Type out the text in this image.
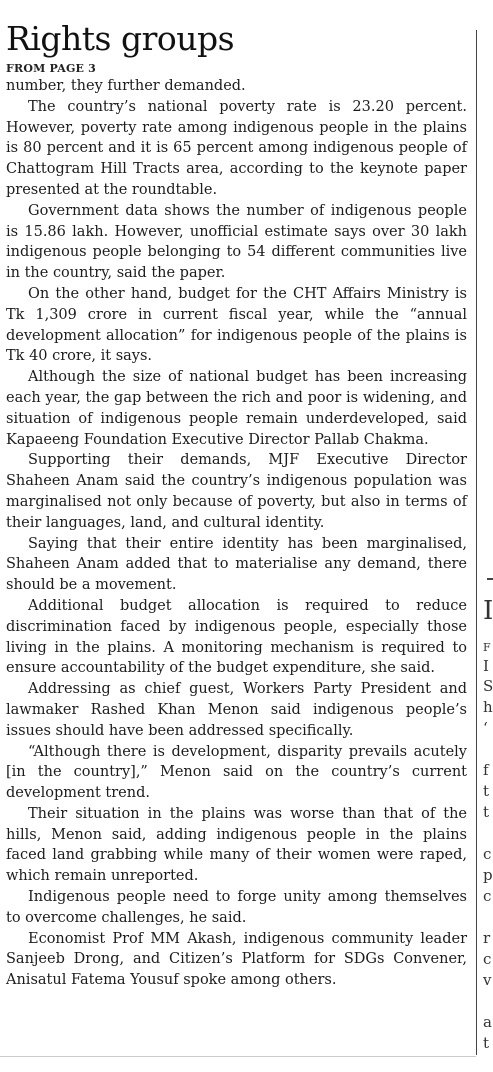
Rights groups

FROM PAGE 3

number, they further demanded.

The country’s national poverty rate is 23.20 percent. However, poverty rate among indigenous people in the plains is 80 percent and it is 65 percent among indigenous people of Chattogram Hill Tracts area, according to the keynote paper presented at the roundtable.

Government data shows the number of indigenous people is 15.86 lakh. However, unofficial estimate says over 30 lakh indigenous people belonging to 54 different communities live in the country, said the paper.

On the other hand, budget for the CHT Affairs Ministry is Tk 1,309 crore in current fiscal year, while the “annual development allocation” for indigenous people of the plains is Tk 40 crore, it says.

Although the size of national budget has been increasing each year, the gap between the rich and poor is widening, and situation of indigenous people remain underdeveloped, said Kapaeeng Foundation Executive Director Pallab Chakma.

Supporting their demands, MJF Executive Director Shaheen Anam said the country’s indigenous population was marginalised not only because of poverty, but also in terms of their languages, land, and cultural identity.

Saying that their entire identity has been marginalised, Shaheen Anam added that to materialise any demand, there should be a movement.

Additional budget allocation is required to reduce discrimination faced by indigenous people, especially those living in the plains. A monitoring mechanism is required to ensure accountability of the budget expenditure, she said.

Addressing as chief guest, Workers Party President and lawmaker Rashed Khan Menon said indigenous people’s issues should have been addressed specifically.

“Although there is development, disparity prevails acutely [in the country],” Menon said on the country’s current development trend.

Their situation in the plains was worse than that of the hills, Menon said, adding indigenous people in the plains faced land grabbing while many of their women were raped, which remain unreported.

Indigenous people need to forge unity among themselves to overcome challenges, he said.

Economist Prof MM Akash, indigenous community leader Sanjeeb Drong, and Citizen’s Platform for SDGs Convener, Anisatul Fatema Yousuf spoke among others.

I
F
I
S
h
‘
f
t
t
c
p
c
r
c
v
a
t
